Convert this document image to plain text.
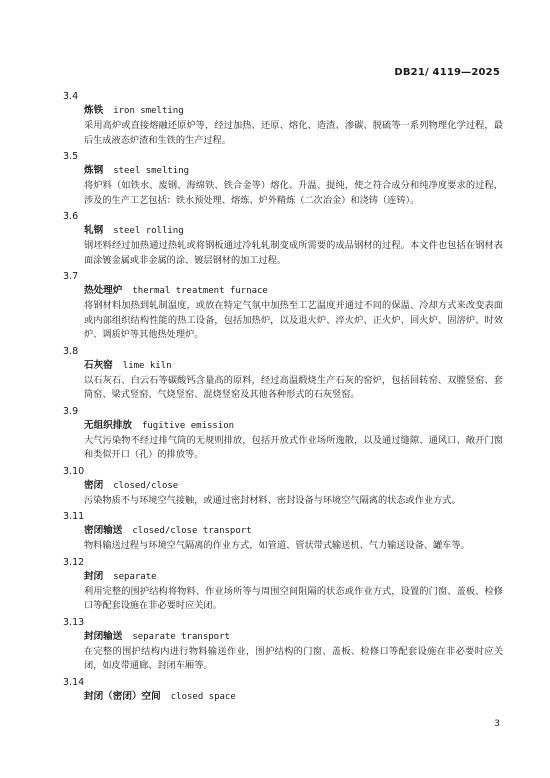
DB21/ 4119—2025
3.4
炼铁 iron smelting
采用高炉或直接熔融还原炉等，经过加热、还原、熔化、造渣、渗碳、脱硫等一系列物理化学过程，最后生成液态炉渣和生铁的生产过程。
3.5
炼钢 steel smelting
将炉料（如铁水、废钢、海绵铁、铁合金等）熔化、升温、提纯，使之符合成分和纯净度要求的过程，涉及的生产工艺包括：铁水预处理、熔炼、炉外精炼（二次冶金）和浇铸（连铸）。
3.6
轧钢 steel rolling
钢坯料经过加热通过热轧或将钢板通过冷轧轧制变成所需要的成品钢材的过程。本文件也包括在钢材表面涂镀金属或非金属的涂、镀层钢材的加工过程。
3.7
热处理炉 thermal treatment furnace
将钢材料加热到轧制温度，或放在特定气氛中加热至工艺温度并通过不同的保温、冷却方式来改变表面或内部组织结构性能的热工设备，包括加热炉，以及退火炉、淬火炉、正火炉、回火炉、固溶炉、时效炉、调质炉等其他热处理炉。
3.8
石灰窑 lime kiln
以石灰石、白云石等碳酸钙含量高的原料，经过高温煅烧生产石灰的窑炉，包括回转窑、双膛竖窑、套筒窑、梁式竖窑、气烧竖窑、混烧竖窑及其他各种形式的石灰竖窑。
3.9
无组织排放 fugitive emission
大气污染物不经过排气筒的无规则排放，包括开放式作业场所逸散，以及通过缝隙、通风口、敞开门窗和类似开口（孔）的排放等。
3.10
密闭 closed/close
污染物质不与环境空气接触，或通过密封材料、密封设备与环境空气隔离的状态或作业方式。
3.11
密闭输送 closed/close transport
物料输送过程与环境空气隔离的作业方式，如管道、管状带式输送机、气力输送设备、罐车等。
3.12
封闭 separate
利用完整的围护结构将物料、作业场所等与周围空间阻隔的状态或作业方式，设置的门窗、盖板、检修口等配套设施在非必要时应关闭。
3.13
封闭输送 separate transport
在完整的围护结构内进行物料输送作业，围护结构的门窗、盖板、检修口等配套设施在非必要时应关闭，如皮带通廊、封闭车厢等。
3.14
封闭（密闭）空间 closed space
3
